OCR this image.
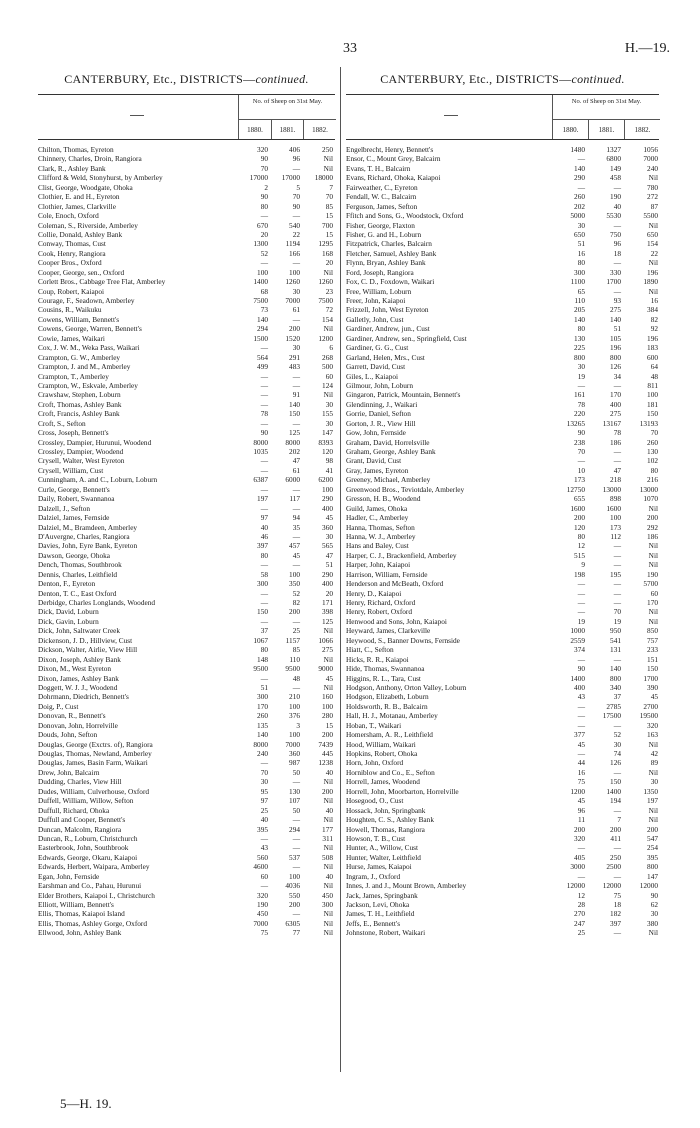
33	H.—19.
CANTERBURY, Etc., DISTRICTS—continued.
No. of Sheep on 31st May.
1880.	1881.	1882.
Chilton, Thomas, Eyreton	320	406	250
Chinnery, Charles, Droin, Rangiora	90	96	Nil
Clark, R., Ashley Bank	70	—	Nil
Clifford & Weld, Stonyhurst, by Amberley	17000	17000	18000
Clist, George, Woodgate, Ohoka	2	5	7
Clothier, E. and H., Eyreton	90	70	70
Clothier, James, Clarkville	80	90	85
Cole, Enoch, Oxford	—	—	15
Coleman, S., Riverside, Amberley	670	540	700
Collie, Donald, Ashley Bank	20	22	15
Conway, Thomas, Cust	1300	1194	1295
Cook, Henry, Rangiora	52	166	168
Cooper Bros., Oxford	—	—	20
Cooper, George, sen., Oxford	100	100	Nil
Corlett Bros., Cabbage Tree Flat, Amberley	1400	1260	1260
Coup, Robert, Kaiapoi	68	30	23
Courage, F., Seadown, Amberley	7500	7000	7500
Cousins, R., Waikuku	73	61	72
Cowens, William, Bennett's	140	—	154
Cowens, George, Warren, Bennett's	294	200	Nil
Cowie, James, Waikari	1500	1520	1200
Cox, J. W. M., Weka Pass, Waikari	—	30	6
Crampton, G. W., Amberley	564	291	268
Crampton, J. and M., Amberley	499	483	500
Crampton, T., Amberley	—	—	60
Crampton, W., Eskvale, Amberley	—	—	124
Crawshaw, Stephen, Loburn	—	91	Nil
Croft, Thomas, Ashley Bank	—	140	30
Croft, Francis, Ashley Bank	78	150	155
Croft, S., Sefton	—	—	30
Cross, Joseph, Bennett's	90	125	147
Crossley, Dampier, Hurunui, Woodend	8000	8000	8393
Crossley, Dampier, Woodend	1035	202	120
Crysell, Walter, West Eyreton	—	47	98
Crysell, William, Cust	—	61	41
Cunningham, A. and C., Loburn, Loburn	6387	6000	6200
Curle, George, Bennett's	—	—	100
Daily, Robert, Swannanoa	197	117	290
Dalzell, J., Sefton	—	—	400
Dalziel, James, Fernside	97	94	45
Dalziel, M., Bramdeen, Amberley	40	35	360
D'Auvergne, Charles, Rangiora	46	—	30
Davies, John, Eyre Bank, Eyreton	397	457	565
Dawson, George, Ohoka	80	45	47
Dench, Thomas, Southbrook	—	—	51
Dennis, Charles, Leithfield	58	100	290
Denton, F., Eyreton	300	350	400
Denton, T. C., East Oxford	—	52	20
Derbidge, Charles Longlands, Woodend	—	82	171
Dick, David, Loburn	150	200	398
Dick, Gavin, Loburn	—	—	125
Dick, John, Saltwater Creek	37	25	Nil
Dickenson, J. D., Hillview, Cust	1067	1157	1066
Dickson, Walter, Airlie, View Hill	80	85	275
Dixon, Joseph, Ashley Bank	148	110	Nil
Dixon, M., West Eyreton	9500	9500	9000
Dixon, James, Ashley Bank	—	48	45
Doggett, W. J. J., Woodend	51	—	Nil
Dohrmann, Diedrich, Bennett's	300	210	160
Doig, P., Cust	170	100	100
Donovan, R., Bennett's	260	376	280
Donovan, John, Horrelville	135	3	15
Douds, John, Sefton	140	100	200
Douglas, George (Exctrs. of), Rangiora	8000	7000	7439
Douglas, Thomas, Newland, Amberley	240	360	445
Douglas, James, Basin Farm, Waikari	—	987	1238
Drew, John, Balcairn	70	50	40
Dudding, Charles, View Hill	30	—	Nil
Dudes, William, Culverhouse, Oxford	95	130	200
Duffell, William, Willow, Sefton	97	107	Nil
Duffull, Richard, Ohoka	25	50	40
Duffull and Cooper, Bennett's	40	—	Nil
Duncan, Malcolm, Rangiora	395	294	177
Duncan, R., Loburn, Christchurch	—	—	311
Easterbrook, John, Southbrook	43	—	Nil
Edwards, George, Okaru, Kaiapoi	560	537	508
Edwards, Herbert, Waipara, Amberley	4600	—	Nil
Egan, John, Fernside	60	100	40
Earshman and Co., Pahau, Hurunui	—	4036	Nil
Elder Brothers, Kaiapoi I., Christchurch	320	550	450
Elliott, William, Bennett's	190	200	300
Ellis, Thomas, Kaiapoi Island	450	—	Nil
Ellis, Thomas, Ashley Gorge, Oxford	7000	6305	Nil
Ellwood, John, Ashley Bank	75	77	Nil
CANTERBURY, Etc., DISTRICTS—continued.
No. of Sheep on 31st May.
1880.	1881.	1882.
Engelbrecht, Henry, Bennett's	1480	1327	1056
Ensor, C., Mount Grey, Balcairn	—	6800	7000
Evans, T. H., Balcairn	140	149	240
Evans, Richard, Ohoka, Kaiapoi	290	458	Nil
Fairweather, C., Eyreton	—	—	780
Fendall, W. C., Balcairn	260	190	272
Ferguson, James, Sefton	202	40	87
Ffitch and Sons, G., Woodstock, Oxford	5000	5530	5500
Fisher, George, Flaxton	30	—	Nil
Fisher, G. and H., Loburn	650	750	650
Fitzpatrick, Charles, Balcairn	51	96	154
Fletcher, Samuel, Ashley Bank	16	18	22
Flynn, Bryan, Ashley Bank	80	—	Nil
Ford, Joseph, Rangiora	300	330	196
Fox, C. D., Foxdown, Waikari	1100	1700	1890
Free, William, Loburn	65	—	Nil
Freer, John, Kaiapoi	110	93	16
Frizzell, John, West Eyreton	205	275	384
Galletly, John, Cust	140	140	82
Gardiner, Andrew, jun., Cust	80	51	92
Gardiner, Andrew, sen., Springfield, Cust	130	105	196
Gardiner, G. G., Cust	225	196	183
Garland, Helen, Mrs., Cust	800	800	600
Garrett, David, Cust	30	126	64
Giles, L., Kaiapoi	19	34	48
Gilmour, John, Loburn	—	—	811
Gingaron, Patrick, Mountain, Bennett's	161	170	100
Glendinning, J., Waikari	78	400	181
Gorrie, Daniel, Sefton	220	275	150
Gorton, J. R., View Hill	13265	13167	13193
Gow, John, Fernside	90	78	70
Graham, David, Horrelsville	238	186	260
Graham, George, Ashley Bank	70	—	130
Grant, David, Cust	—	—	102
Gray, James, Eyreton	10	47	80
Greeney, Michael, Amberley	173	218	216
Greenwood Bros., Teviotdale, Amberley	12750	13000	13000
Gresson, H. B., Woodend	655	898	1070
Guild, James, Ohoka	1600	1600	Nil
Hadler, C., Amberley	200	100	200
Hanna, Thomas, Sefton	120	173	292
Hanna, W. J., Amberley	80	112	186
Hans and Baley, Cust	12	—	Nil
Harper, C. J., Brackenfield, Amberley	515	—	Nil
Harper, John, Kaiapoi	9	—	Nil
Harrison, William, Fernside	198	195	190
Henderson and McBeath, Oxford	—	—	5700
Henry, D., Kaiapoi	—	—	60
Henry, Richard, Oxford	—	—	170
Henry, Robert, Oxford	—	70	Nil
Henwood and Sons, John, Kaiapoi	19	19	Nil
Heyward, James, Clarkeville	1000	950	850
Heywood, S., Banner Downs, Fernside	2559	541	757
Hiatt, C., Sefton	374	131	233
Hicks, R. R., Kaiapoi	—	—	151
Hide, Thomas, Swannanoa	90	140	150
Higgins, R. L., Tara, Cust	1400	800	1700
Hodgson, Anthony, Orton Valley, Loburn	400	340	390
Hodgson, Elizabeth, Loburn	43	37	45
Holdsworth, R. B., Balcairn	—	2785	2700
Hall, H. J., Motanau, Amberley	—	17500	19500
Hoban, T., Waikari	—	—	320
Homersham, A. R., Leithfield	377	52	163
Hood, William, Waikari	45	30	Nil
Hopkins, Robert, Ohoka	—	74	42
Horn, John, Oxford	44	126	89
Horniblow and Co., E., Sefton	16	—	Nil
Horrell, James, Woodend	75	150	30
Horrell, John, Moorbarton, Horrelville	1200	1400	1350
Hosegood, O., Cust	45	194	197
Hossack, John, Springbank	96	—	Nil
Houghten, C. S., Ashley Bank	11	7	Nil
Howell, Thomas, Rangiora	200	200	200
Howson, T. B., Cust	320	411	547
Hunter, A., Willow, Cust	—	—	254
Hunter, Walter, Leithfield	405	250	395
Hurse, James, Kaiapoi	3000	2500	800
Ingram, J., Oxford	—	—	147
Innes, J. and J., Mount Brown, Amberley	12000	12000	12000
Jack, James, Springbank	12	75	90
Jackson, Levi, Ohoka	28	18	62
James, T. H., Leithfield	270	182	30
Jeffs, E., Bennett's	247	397	380
Johnstone, Robert, Waikari	25	—	Nil
5—H. 19.
